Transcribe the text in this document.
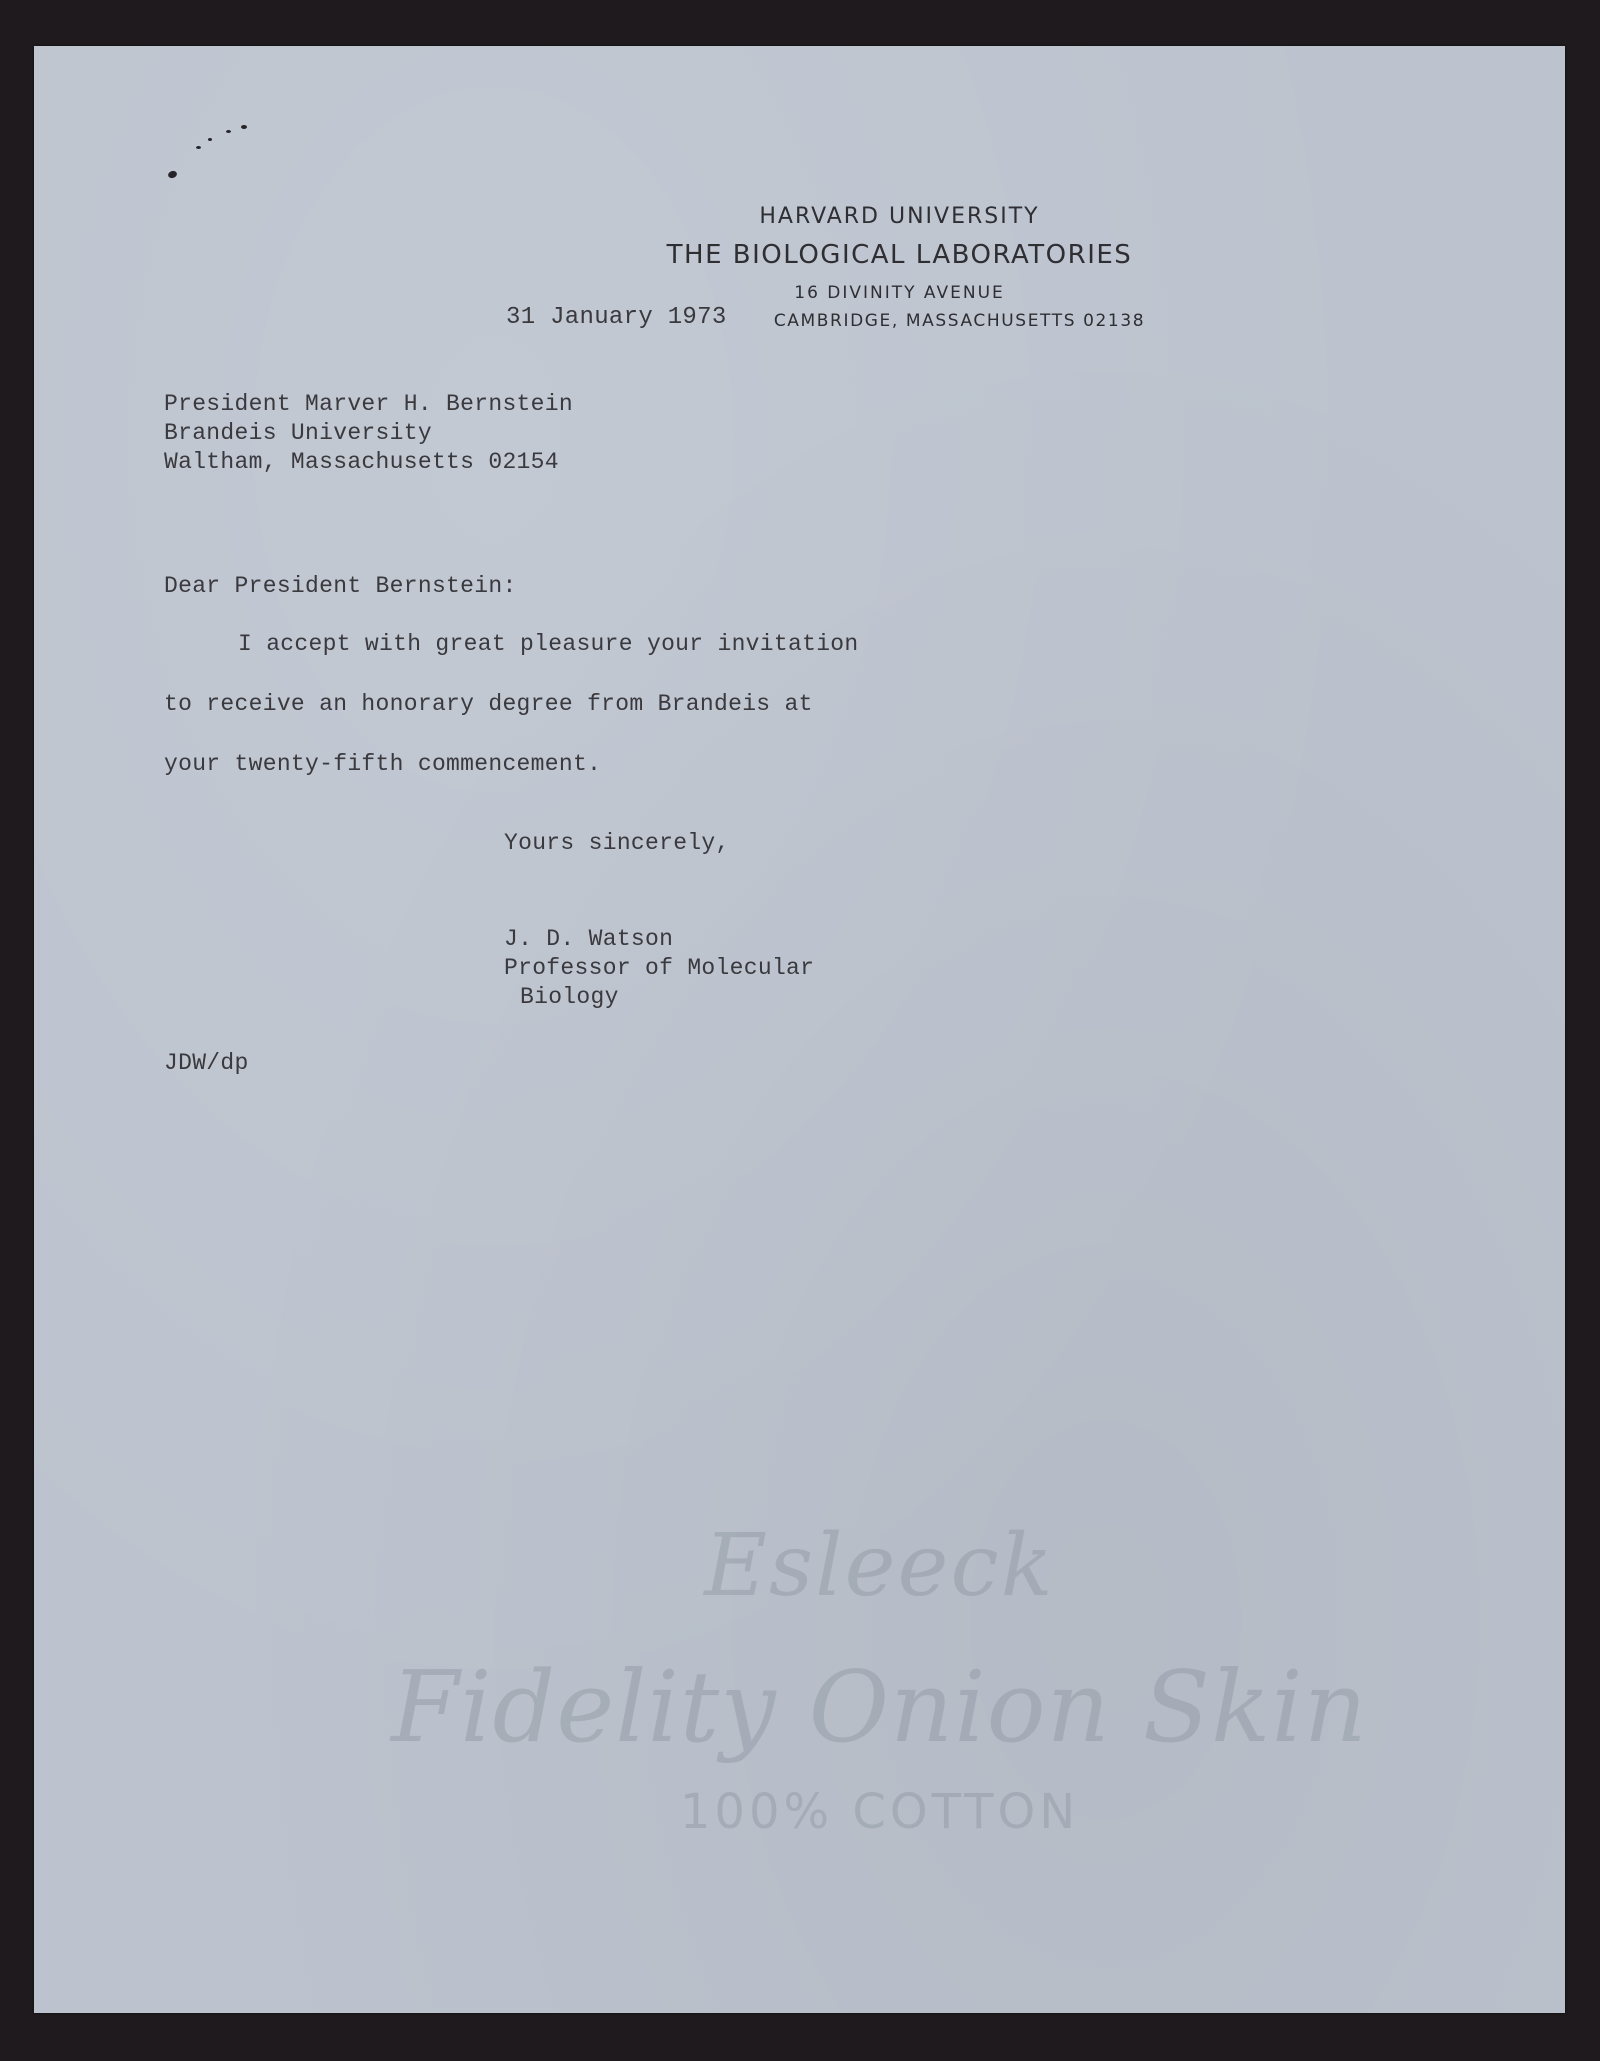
HARVARD UNIVERSITY
THE BIOLOGICAL LABORATORIES
16 DIVINITY AVENUE
CAMBRIDGE, MASSACHUSETTS 02138
31 January 1973
President Marver H. Bernstein
Brandeis University
Waltham, Massachusetts 02154
Dear President Bernstein:
I accept with great pleasure your invitation
to receive an honorary degree from Brandeis at
your twenty-fifth commencement.
Yours sincerely,
J. D. Watson
Professor of Molecular
Biology
JDW/dp
Esleeck
Fidelity Onion Skin
100% COTTON
